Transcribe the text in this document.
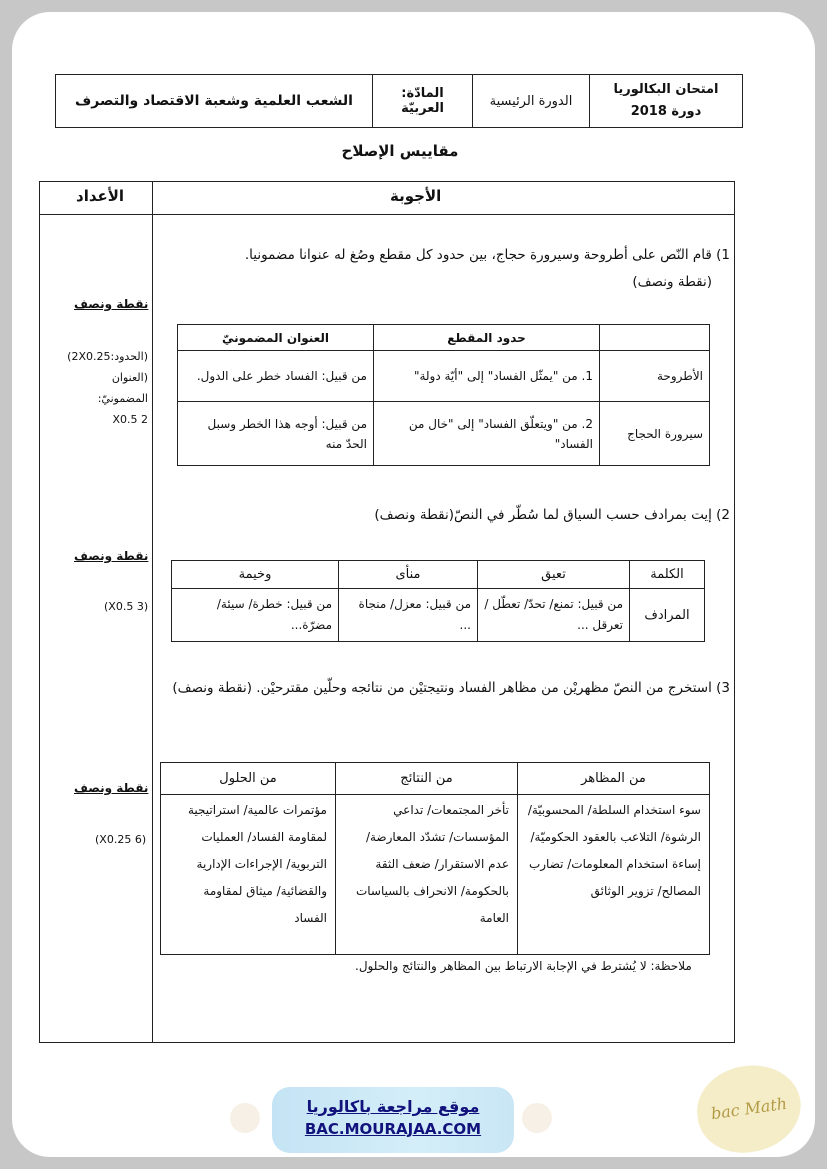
امتحان البكالوريا
دورة 2018
	الدورة الرئيسية	المادّة: العربيّة	الشعب العلمية وشعبة الاقتصاد والتصرف
مقاييس الإصلاح
الأجوبة
الأعداد
1) قام النّص على أطروحة وسيرورة حجاج، بين حدود كل مقطع وصُغ له عنوانا مضمونيا.
(نقطة ونصف)
نقطة ونصف
(الحدود:2X0.25)
(العنوان المضمونيّ:
2 X0.5
	حدود المقطع	العنوان المضمونيّ
الأطروحة	1. من "يمثّل الفساد" إلى "أيّة دولة"	من قبيل: الفساد خطر على الدول.
سيرورة الحجاج	2. من "ويتعلّق الفساد" إلى "خال من الفساد"	من قبيل: أوجه هذا الخطر وسبل الحدّ منه
2) إيت بمرادف حسب السياق لما سُطّر في النصّ(نقطة ونصف)
نقطة ونصف
(3 X0.5)
الكلمة	تعيق	منأى	وخيمة
المرادف	من قبيل: تمنع/ تحدّ/ تعطّل / تعرقل ...	من قبيل: معزل/ منجاة ...	من قبيل: خطرة/ سيئة/ مضرّة...
3) استخرج من النصّ مظهريْن من مظاهر الفساد ونتيجتيْن من نتائجه وحلّين مقترحيْن. (نقطة ونصف)
نقطة ونصف
(6 X0.25)
من المظاهر	من النتائج	من الحلول
سوء استخدام السلطة/ المحسوبيّة/ الرشوة/ التلاعب بالعقود الحكوميّة/ إساءة استخدام المعلومات/ تضارب المصالح/ تزوير الوثائق	تأخر المجتمعات/ تداعي المؤسسات/ تشدّد المعارضة/ عدم الاستقرار/ ضعف الثقة بالحكومة/ الانحراف بالسياسات العامة	مؤتمرات عالمية/ استراتيجية لمقاومة الفساد/ العمليات التربوية/ الإجراءات الإدارية والقضائية/ ميثاق لمقاومة الفساد
ملاحظة: لا يُشترط في الإجابة الارتباط بين المظاهر والنتائج والحلول.
موقع مراجعة باكالوريا
BAC.MOURAJAA.COM
bac Math
